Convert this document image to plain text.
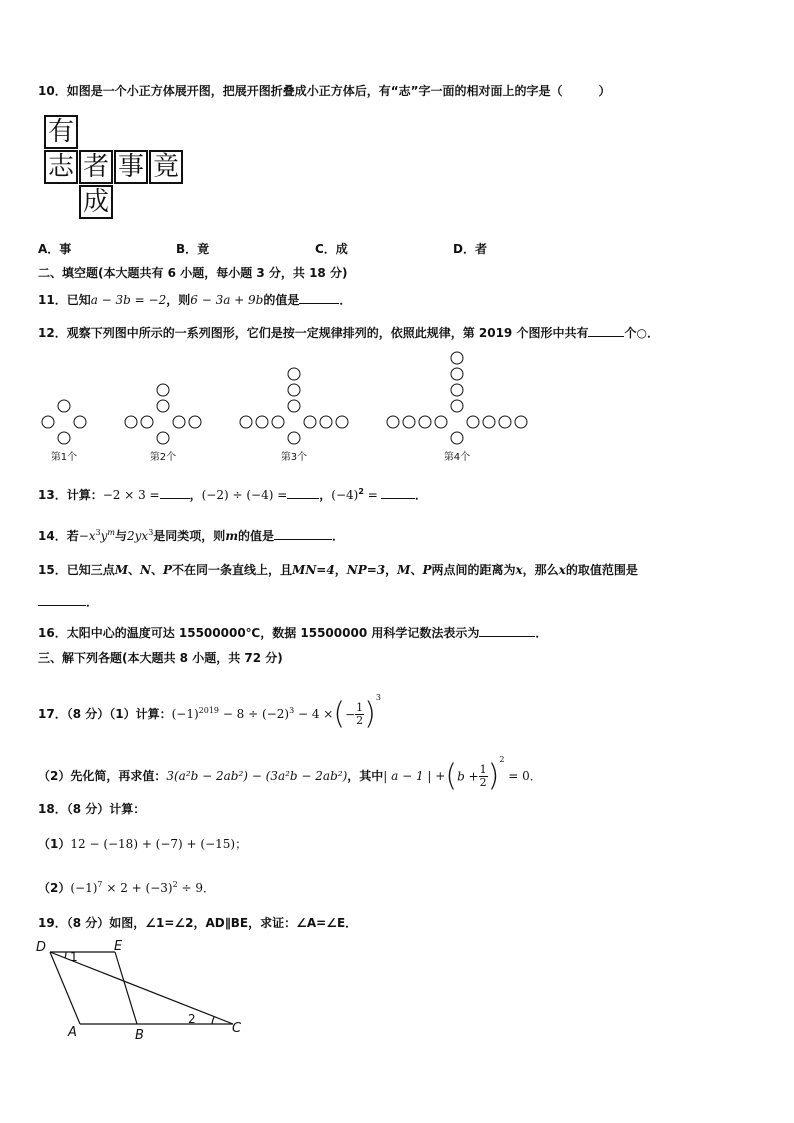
10．如图是一个小正方体展开图，把展开图折叠成小正方体后，有“志”字一面的相对面上的字是（　　　）
有
志 者 事 竟
成
A．事	B．竟	C．成	D．者
二、填空题(本大题共有 6 小题，每小题 3 分，共 18 分)
11．已知a − 3b = −2，则6 − 3a + 9b的值是	．
12．观察下列图中所示的一系列图形，它们是按一定规律排列的，依照此规律，第 2019 个图形中共有	个○．
第1个	第2个	第3个	第4个
13．计算：−2 × 3 =	，(−2) ÷ (−4) =	，$(-4)^2$ =	．
14．若$-x^3y^m$与$2yx^3$是同类项，则m的值是	．
15．已知三点M、N、P不在同一条直线上，且MN=4，NP=3，M、P两点间的距离为x，那么x的取值范围是
．
16．太阳中心的温度可达 15500000℃，数据 15500000 用科学记数法表示为	．
三、解下列各题(本大题共 8 小题，共 72 分)
17．（8 分）（1）计算：$(-1)^{2019} - 8 \div (-2)^3 - 4$ ×(− $\frac{1}{2} )^3$
（2）先化简，再求值：3(a²b − 2ab²) − (3a²b − 2ab²)，其中| a − 1 | $+(b + \frac{1}{2} )^2 = 0$．
18．（8 分）计算：
（1）12 − (−18) + (−7) + (−15)；
$(2)(-1)^7 \times 2 + (-3)^2 \div 9$．
19．（8 分）如图，∠1=∠2，AD∥BE，求证：∠A=∠E．
D	E
A	B	C
1
2
